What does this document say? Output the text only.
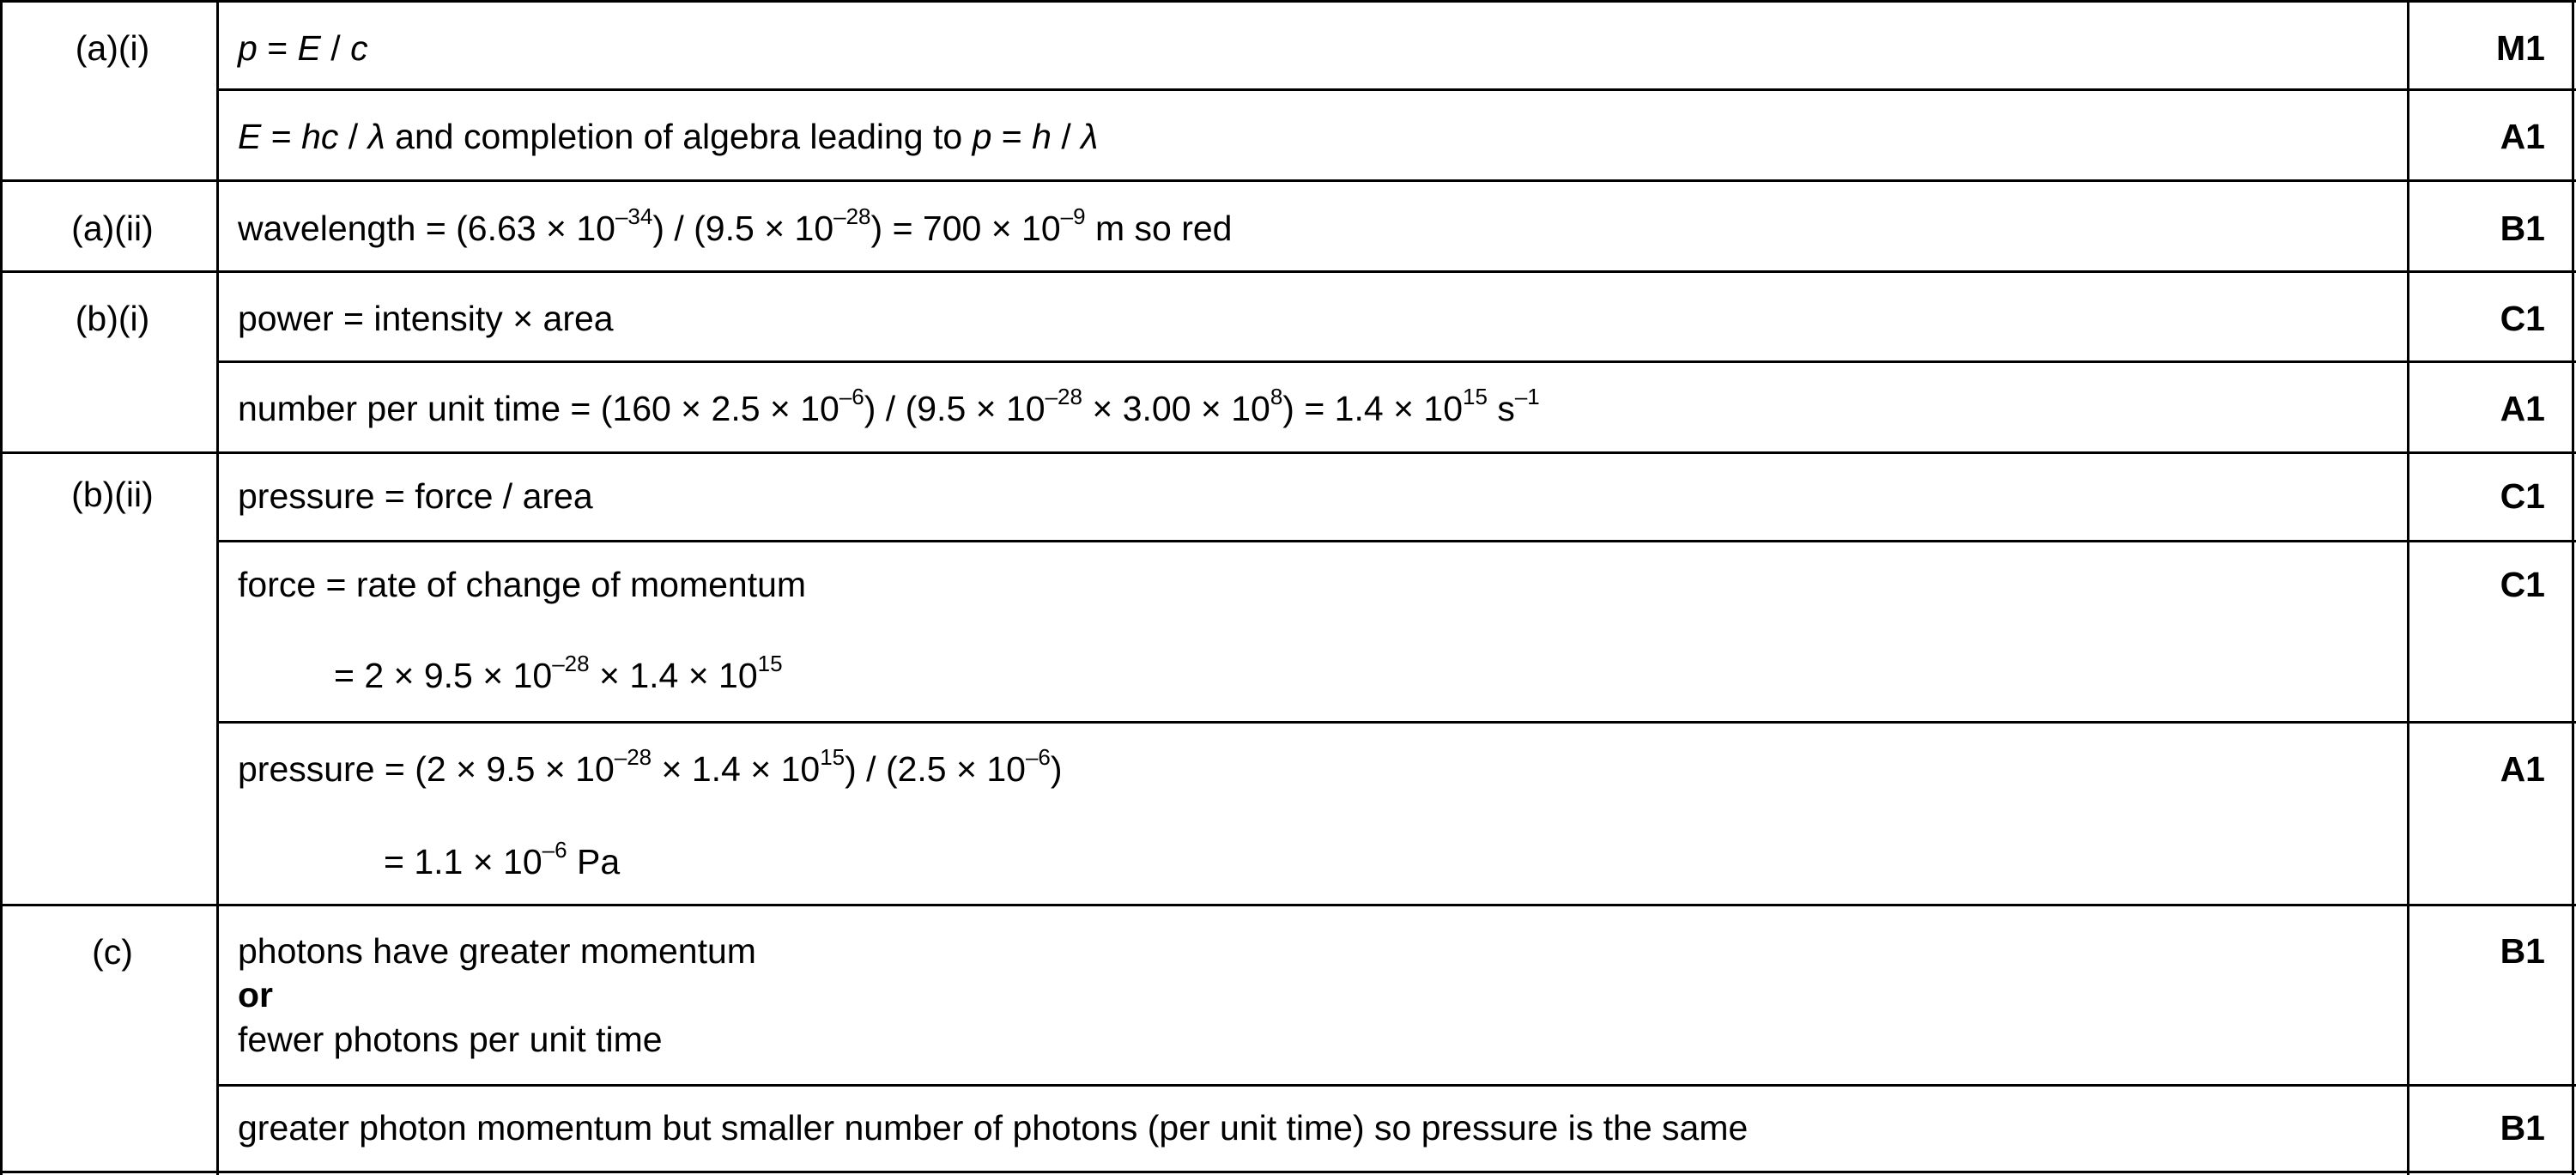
(a)(i)
(a)(ii)
(b)(i)
(b)(ii)
(c)
p = E / c
E = hc / λ and completion of algebra leading to p = h / λ
wavelength = $(6.63 \times 10^{-34}) / (9.5 \times 10^{-28}) = 700 \times 10^{-9}$ m so red
power = intensity × area
number per unit time = $(160 \times 2.5 \times 10^{-6}) / (9.5 \times 10^{-28} \times 3.00 \times 10^8) = 1.4 \times 10^{15}$ $s^{-1}$
pressure = force / area
force = rate of change of momentum
= $2 \times 9.5 \times 10^{-28} \times 1.4 \times 10^{15}$
pressure = $(2 \times 9.5 \times 10^{-28} \times 1.4 \times 10^{15}) / (2.5 \times 10^{-6})$
= $1.1 \times 10^{-6}$ Pa
photons have greater momentum
or
fewer photons per unit time
greater photon momentum but smaller number of photons (per unit time) so pressure is the same
M1
A1
B1
C1
A1
C1
C1
A1
B1
B1
